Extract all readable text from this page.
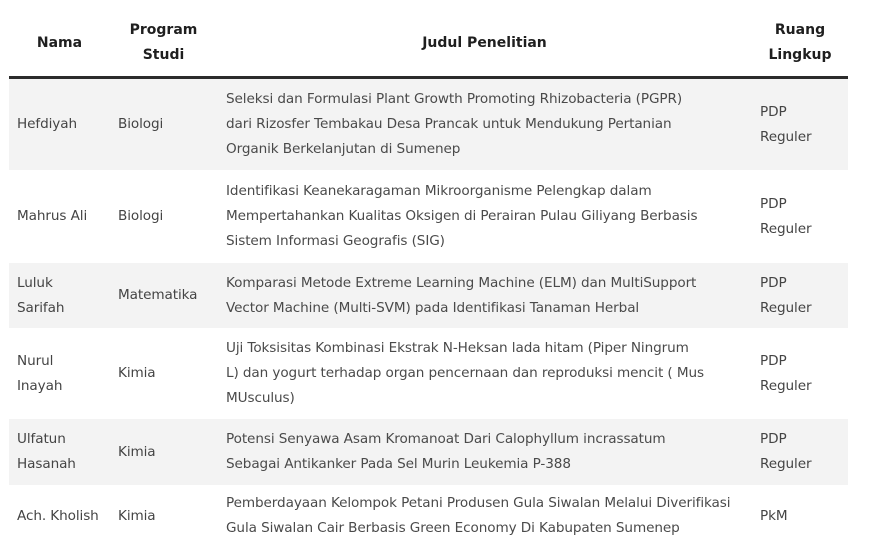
Nama	Program
Studi	Judul Penelitian	Ruang
Lingkup

Hefdiyah	Biologi	Seleksi dan Formulasi Plant Growth Promoting Rhizobacteria (PGPR)
dari Rizosfer Tembakau Desa Prancak untuk Mendukung Pertanian
Organik Berkelanjutan di Sumenep	PDP
Reguler

Mahrus Ali	Biologi	Identifikasi Keanekaragaman Mikroorganisme Pelengkap dalam
Mempertahankan Kualitas Oksigen di Perairan Pulau Giliyang Berbasis
Sistem Informasi Geografis (SIG)	PDP
Reguler

Luluk Sarifah	Matematika	Komparasi Metode Extreme Learning Machine (ELM) dan MultiSupport
Vector Machine (Multi-SVM) pada Identifikasi Tanaman Herbal	PDP
Reguler

Nurul Inayah	Kimia	Uji Toksisitas Kombinasi Ekstrak N-Heksan lada hitam (Piper Ningrum
L) dan yogurt terhadap organ pencernaan dan reproduksi mencit ( Mus
MUsculus)	PDP
Reguler

Ulfatun
Hasanah	Kimia	Potensi Senyawa Asam Kromanoat Dari Calophyllum incrassatum
Sebagai Antikanker Pada Sel Murin Leukemia P-388	PDP
Reguler

Ach. Kholish	Kimia	Pemberdayaan Kelompok Petani Produsen Gula Siwalan Melalui Diverifikasi
Gula Siwalan Cair Berbasis Green Economy Di Kabupaten Sumenep	PkM
